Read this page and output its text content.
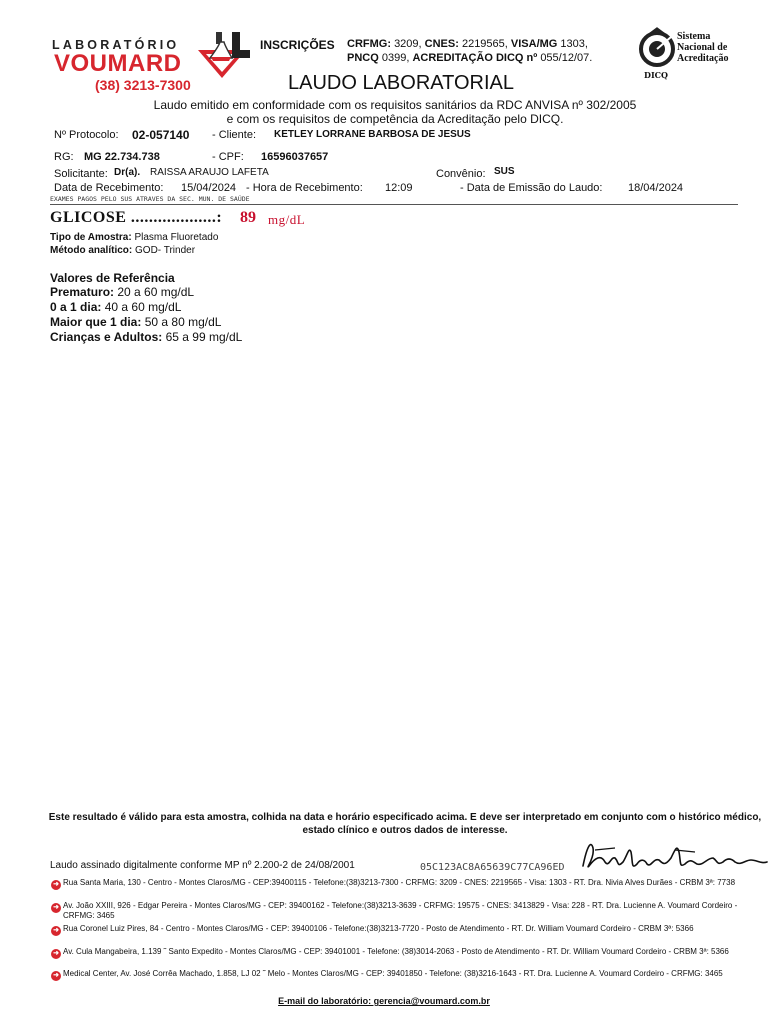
LABORATÓRIO
VOUMARD
(38) 3213-7300
INSCRIÇÕES CRFMG: 3209, CNES: 2219565, VISA/MG 1303,
PNCQ 0399, ACREDITAÇÃO DICQ nº 055/12/07.
LAUDO LABORATORIAL	DICQ
Sistema
Nacional de
Acreditação
Laudo emitido em conformidade com os requisitos sanitários da RDC ANVISA nº 302/2005 e com os requisitos de competência da Acreditação pelo DICQ.
Nº Protocolo: 02-057140 - Cliente: KETLEY LORRANE BARBOSA DE JESUS
RG: MG 22.734.738	- CPF: 16596037657
Solicitante: Dr(a). RAISSA ARAUJO LAFETA	Convênio: SUS
Data de Recebimento: 15/04/2024 - Hora de Recebimento: 12:09	- Data de Emissão do Laudo: 18/04/2024
EXAMES PAGOS PELO SUS ATRAVES DA SEC. MUN. DE SAÚDE
GLICOSE ...................: 89 mg/dL
Tipo de Amostra: Plasma Fluoretado
Método analítico: GOD- Trinder
Valores de Referência
Prematuro: 20 a 60 mg/dL
0 a 1 dia: 40 a 60 mg/dL
Maior que 1 dia: 50 a 80 mg/dL
Crianças e Adultos: 65 a 99 mg/dL
Este resultado é válido para esta amostra, colhida na data e horário especificado acima. E deve ser interpretado em conjunto com o histórico médico, estado clínico e outros dados de interesse.
Laudo assinado digitalmente conforme MP nº 2.200-2 de 24/08/2001	05C123AC8A65639C77CA96ED
➜ Rua Santa Maria, 130 - Centro - Montes Claros/MG - CEP:39400115 - Telefone:(38)3213-7300 - CRFMG: 3209 - CNES: 2219565 - Visa: 1303 - RT. Dra. Nivia Alves Durães - CRBM 3ª: 7738
➜ Av. João XXIII, 926 - Edgar Pereira - Montes Claros/MG - CEP: 39400162 - Telefone:(38)3213-3639 - CRFMG: 19575 - CNES: 3413829 - Visa: 228 - RT. Dra. Lucienne A. Voumard Cordeiro - CRFMG: 3465
➜ Rua Coronel Luiz Pires, 84 - Centro - Montes Claros/MG - CEP: 39400106 - Telefone:(38)3213-7720 - Posto de Atendimento - RT. Dr. William Voumard Cordeiro - CRBM 3ª: 5366
➜ Av. Cula Mangabeira, 1.139 ˜ Santo Expedito - Montes Claros/MG - CEP: 39401001 - Telefone: (38)3014-2063 - Posto de Atendimento - RT. Dr. William Voumard Cordeiro - CRBM 3ª: 5366
➜ Medical Center, Av. José Corrêa Machado, 1.858, LJ 02 ˜ Melo - Montes Claros/MG - CEP: 39401850 - Telefone: (38)3216-1643 - RT. Dra. Lucienne A. Voumard Cordeiro - CRFMG: 3465
E-mail do laboratório: gerencia@voumard.com.br
